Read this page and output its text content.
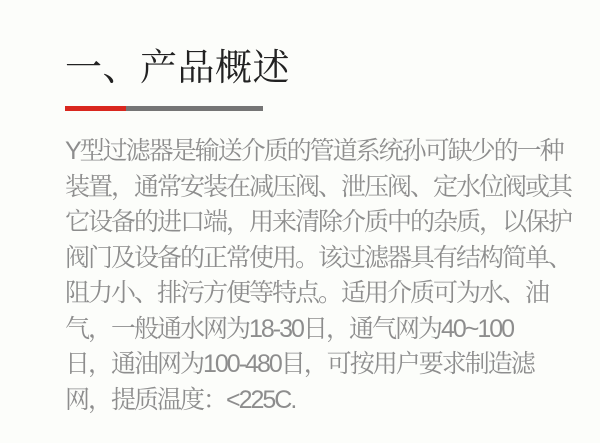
一、产品概述
Y型过滤器是输送介质的管道系统孙可缺少的一种
装置，通常安装在减压阀、泄压阀、定水位阀或其
它设备的进口端，用来清除介质中的杂质，以保护
阀门及设备的正常使用。该过滤器具有结构简单、
阻力小、排污方便等特点。适用介质可为水、油
气，一般通水网为18-30日，通气网为40~100
日，通油网为100-480目，可按用户要求制造滤
网，提质温度：<225C.
